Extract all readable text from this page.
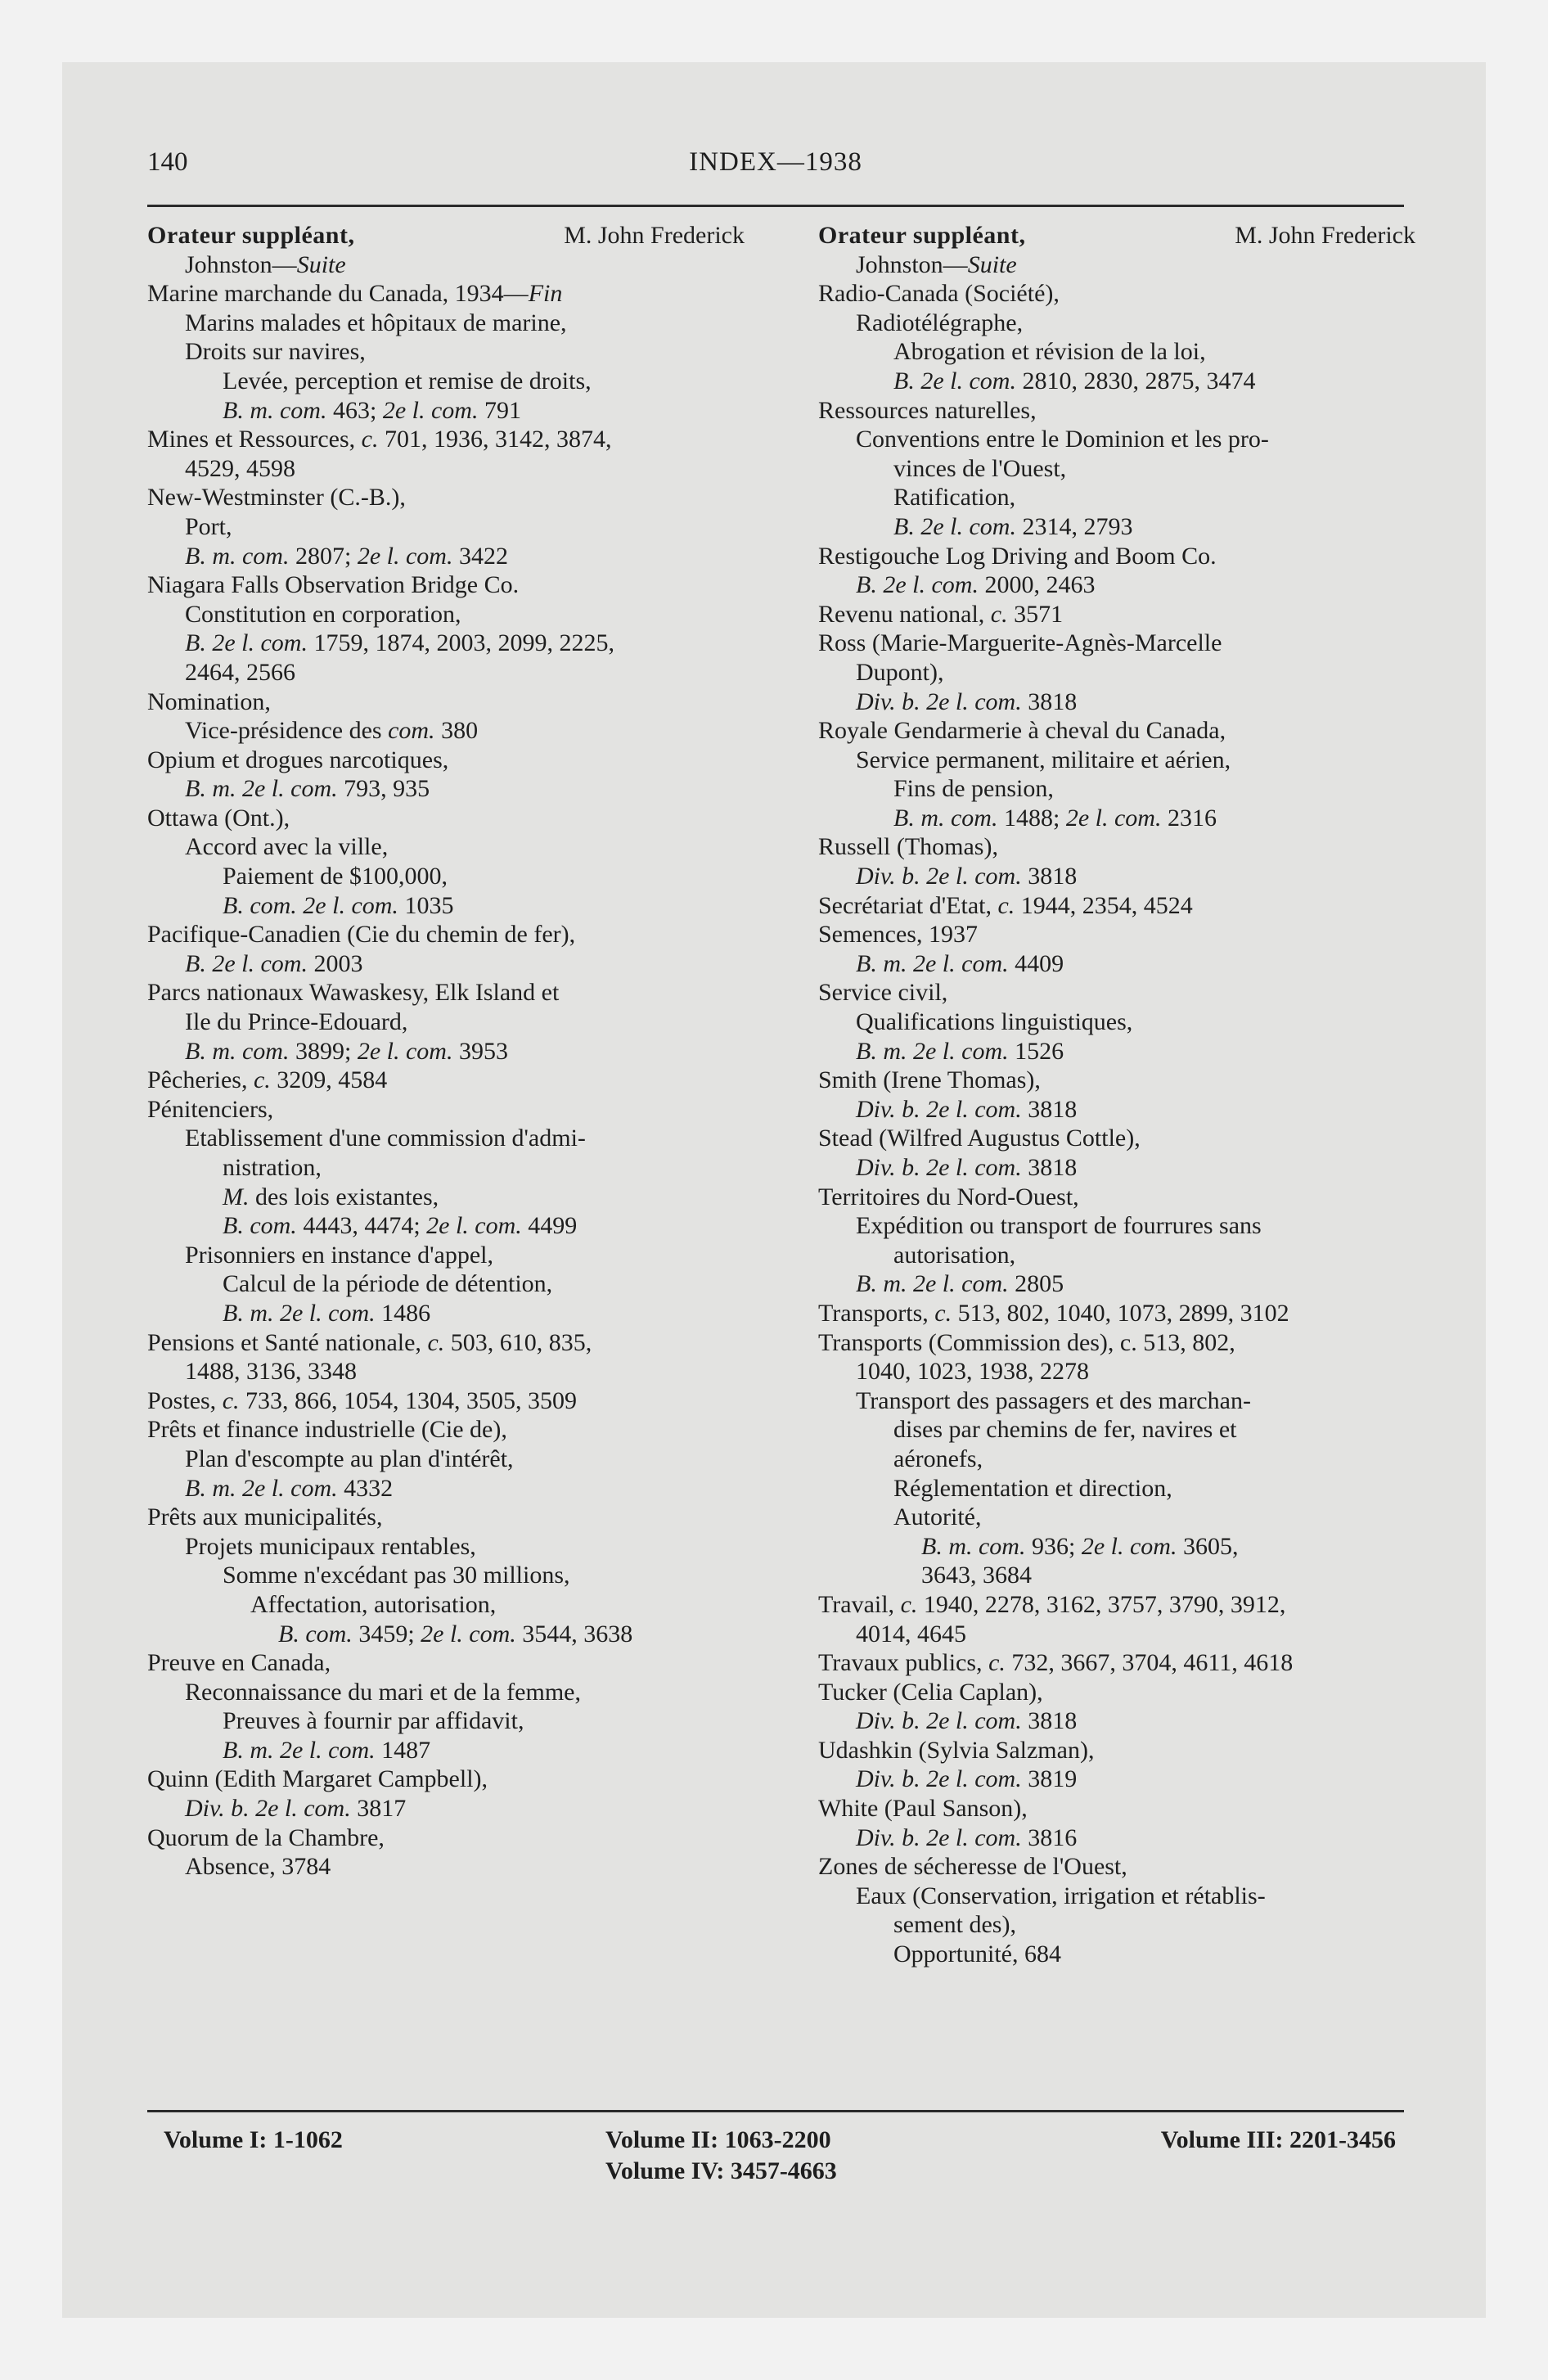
140	INDEX—1938
Orateur suppléant,	M. John Frederick
Johnston—Suite
Marine marchande du Canada, 1934—Fin
Marins malades et hôpitaux de marine,
Droits sur navires,
Levée, perception et remise de droits,
B. m. com. 463; 2e l. com. 791
Mines et Ressources, c. 701, 1936, 3142, 3874,
4529, 4598
New-Westminster (C.-B.),
Port,
B. m. com. 2807; 2e l. com. 3422
Niagara Falls Observation Bridge Co.
Constitution en corporation,
B. 2e l. com. 1759, 1874, 2003, 2099, 2225,
2464, 2566
Nomination,
Vice-présidence des com. 380
Opium et drogues narcotiques,
B. m. 2e l. com. 793, 935
Ottawa (Ont.),
Accord avec la ville,
Paiement de $100,000,
B. com. 2e l. com. 1035
Pacifique-Canadien (Cie du chemin de fer),
B. 2e l. com. 2003
Parcs nationaux Wawaskesy, Elk Island et
Ile du Prince-Edouard,
B. m. com. 3899; 2e l. com. 3953
Pêcheries, c. 3209, 4584
Pénitenciers,
Etablissement d'une commission d'admi-
nistration,
M. des lois existantes,
B. com. 4443, 4474; 2e l. com. 4499
Prisonniers en instance d'appel,
Calcul de la période de détention,
B. m. 2e l. com. 1486
Pensions et Santé nationale, c. 503, 610, 835,
1488, 3136, 3348
Postes, c. 733, 866, 1054, 1304, 3505, 3509
Prêts et finance industrielle (Cie de),
Plan d'escompte au plan d'intérêt,
B. m. 2e l. com. 4332
Prêts aux municipalités,
Projets municipaux rentables,
Somme n'excédant pas 30 millions,
Affectation, autorisation,
B. com. 3459; 2e l. com. 3544, 3638
Preuve en Canada,
Reconnaissance du mari et de la femme,
Preuves à fournir par affidavit,
B. m. 2e l. com. 1487
Quinn (Edith Margaret Campbell),
Div. b. 2e l. com. 3817
Quorum de la Chambre,
Absence, 3784
Orateur suppléant,	M. John Frederick
Johnston—Suite
Radio-Canada (Société),
Radiotélégraphe,
Abrogation et révision de la loi,
B. 2e l. com. 2810, 2830, 2875, 3474
Ressources naturelles,
Conventions entre le Dominion et les pro-
vinces de l'Ouest,
Ratification,
B. 2e l. com. 2314, 2793
Restigouche Log Driving and Boom Co.
B. 2e l. com. 2000, 2463
Revenu national, c. 3571
Ross (Marie-Marguerite-Agnès-Marcelle
Dupont),
Div. b. 2e l. com. 3818
Royale Gendarmerie à cheval du Canada,
Service permanent, militaire et aérien,
Fins de pension,
B. m. com. 1488; 2e l. com. 2316
Russell (Thomas),
Div. b. 2e l. com. 3818
Secrétariat d'Etat, c. 1944, 2354, 4524
Semences, 1937
B. m. 2e l. com. 4409
Service civil,
Qualifications linguistiques,
B. m. 2e l. com. 1526
Smith (Irene Thomas),
Div. b. 2e l. com. 3818
Stead (Wilfred Augustus Cottle),
Div. b. 2e l. com. 3818
Territoires du Nord-Ouest,
Expédition ou transport de fourrures sans
autorisation,
B. m. 2e l. com. 2805
Transports, c. 513, 802, 1040, 1073, 2899, 3102
Transports (Commission des), c. 513, 802,
1040, 1023, 1938, 2278
Transport des passagers et des marchan-
dises par chemins de fer, navires et
aéronefs,
Réglementation et direction,
Autorité,
B. m. com. 936; 2e l. com. 3605,
3643, 3684
Travail, c. 1940, 2278, 3162, 3757, 3790, 3912,
4014, 4645
Travaux publics, c. 732, 3667, 3704, 4611, 4618
Tucker (Celia Caplan),
Div. b. 2e l. com. 3818
Udashkin (Sylvia Salzman),
Div. b. 2e l. com. 3819
White (Paul Sanson),
Div. b. 2e l. com. 3816
Zones de sécheresse de l'Ouest,
Eaux (Conservation, irrigation et rétablis-
sement des),
Opportunité, 684
Volume I: 1-1062	Volume II: 1063-2200	Volume III: 2201-3456
Volume IV: 3457-4663
